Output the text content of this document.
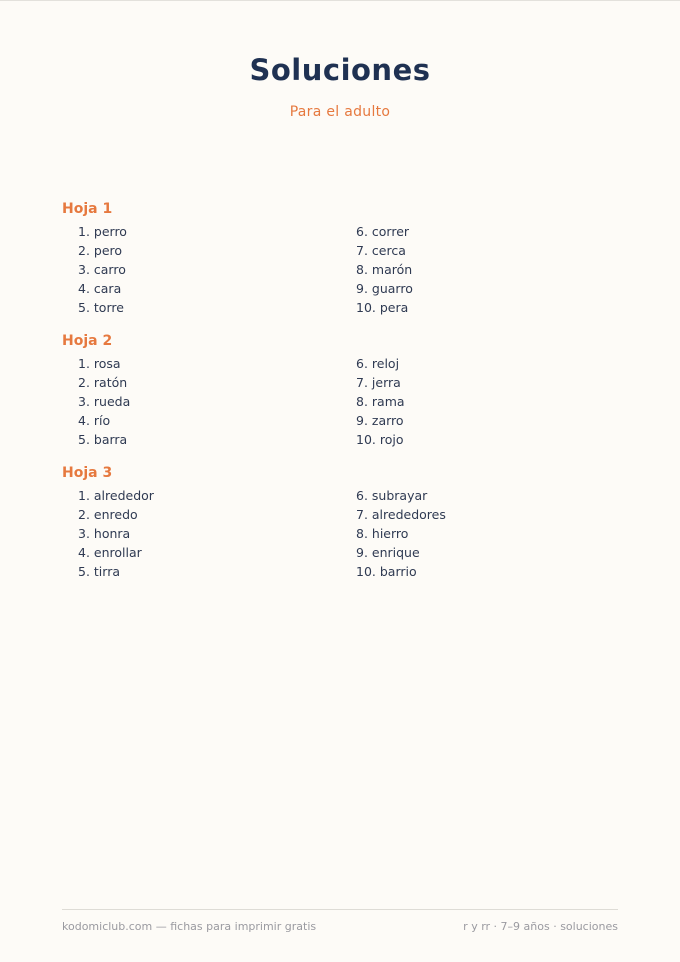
Soluciones
Para el adulto
Hoja 1
1. perro
2. pero
3. carro
4. cara
5. torre
6. correr
7. cerca
8. marón
9. guarro
10. pera
Hoja 2
1. rosa
2. ratón
3. rueda
4. río
5. barra
6. reloj
7. jerra
8. rama
9. zarro
10. rojo
Hoja 3
1. alrededor
2. enredo
3. honra
4. enrollar
5. tirra
6. subrayar
7. alrededores
8. hierro
9. enrique
10. barrio
kodomiclub.com — fichas para imprimir gratis	r y rr · 7–9 años · soluciones
